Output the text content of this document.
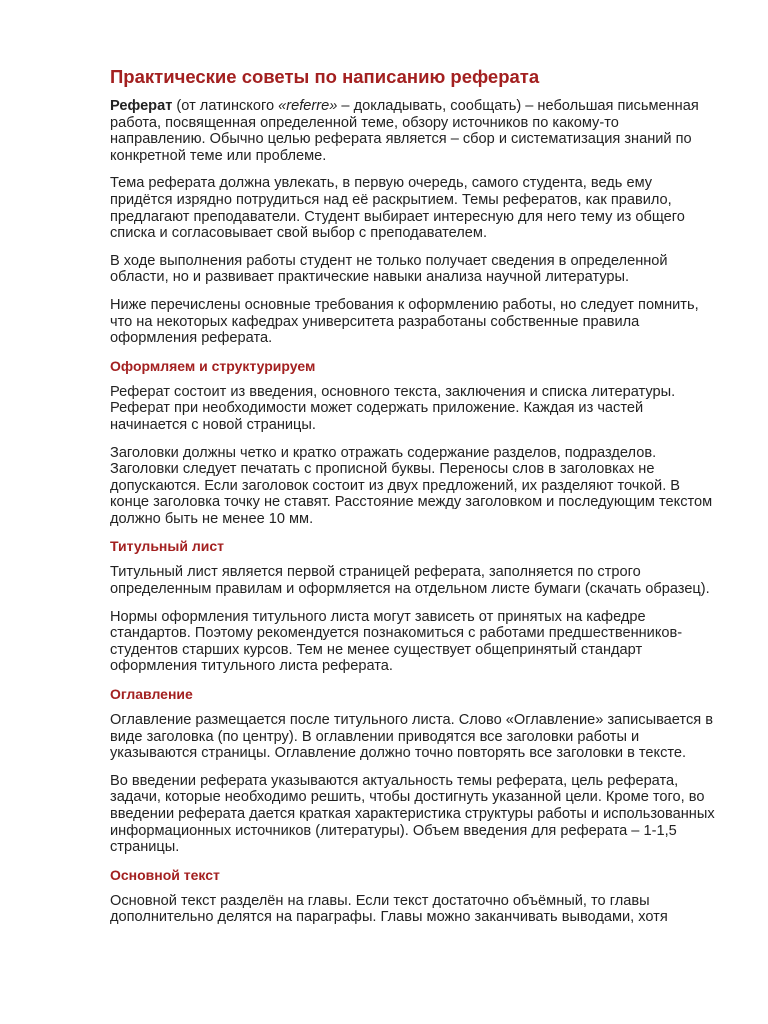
Практические советы по написанию реферата

Реферат (от латинского «referre» – докладывать, сообщать) – небольшая письменная работа, посвященная определенной теме, обзору источников по какому-то направлению. Обычно целью реферата является – сбор и систематизация знаний по конкретной теме или проблеме.

Тема реферата должна увлекать, в первую очередь, самого студента, ведь ему придётся изрядно потрудиться над её раскрытием. Темы рефератов, как правило, предлагают преподаватели. Студент выбирает интересную для него тему из общего списка и согласовывает свой выбор с преподавателем.

В ходе выполнения работы студент не только получает сведения в определенной области, но и развивает практические навыки анализа научной литературы.

Ниже перечислены основные требования к оформлению работы, но следует помнить, что на некоторых кафедрах университета разработаны собственные правила оформления реферата.

Оформляем и структурируем

Реферат состоит из введения, основного текста, заключения и списка литературы. Реферат при необходимости может содержать приложение. Каждая из частей начинается с новой страницы.

Заголовки должны четко и кратко отражать содержание разделов, подразделов. Заголовки следует печатать с прописной буквы. Переносы слов в заголовках не допускаются. Если заголовок состоит из двух предложений, их разделяют точкой. В конце заголовка точку не ставят. Расстояние между заголовком и последующим текстом должно быть не менее 10 мм.

Титульный лист

Титульный лист является первой страницей реферата, заполняется по строго определенным правилам и оформляется на отдельном листе бумаги (скачать образец).

Нормы оформления титульного листа могут зависеть от принятых на кафедре стандартов. Поэтому рекомендуется познакомиться с работами предшественников-студентов старших курсов. Тем не менее существует общепринятый стандарт оформления титульного листа реферата.

Оглавление

Оглавление размещается после титульного листа. Слово «Оглавление» записывается в виде заголовка (по центру). В оглавлении приводятся все заголовки работы и указываются страницы. Оглавление должно точно повторять все заголовки в тексте.

Во введении реферата указываются актуальность темы реферата, цель реферата, задачи, которые необходимо решить, чтобы достигнуть указанной цели. Кроме того, во введении реферата дается краткая характеристика структуры работы и использованных информационных источников (литературы). Объем введения для реферата – 1-1,5 страницы.

Основной текст

Основной текст разделён на главы. Если текст достаточно объёмный, то главы дополнительно делятся на параграфы. Главы можно заканчивать выводами, хотя
